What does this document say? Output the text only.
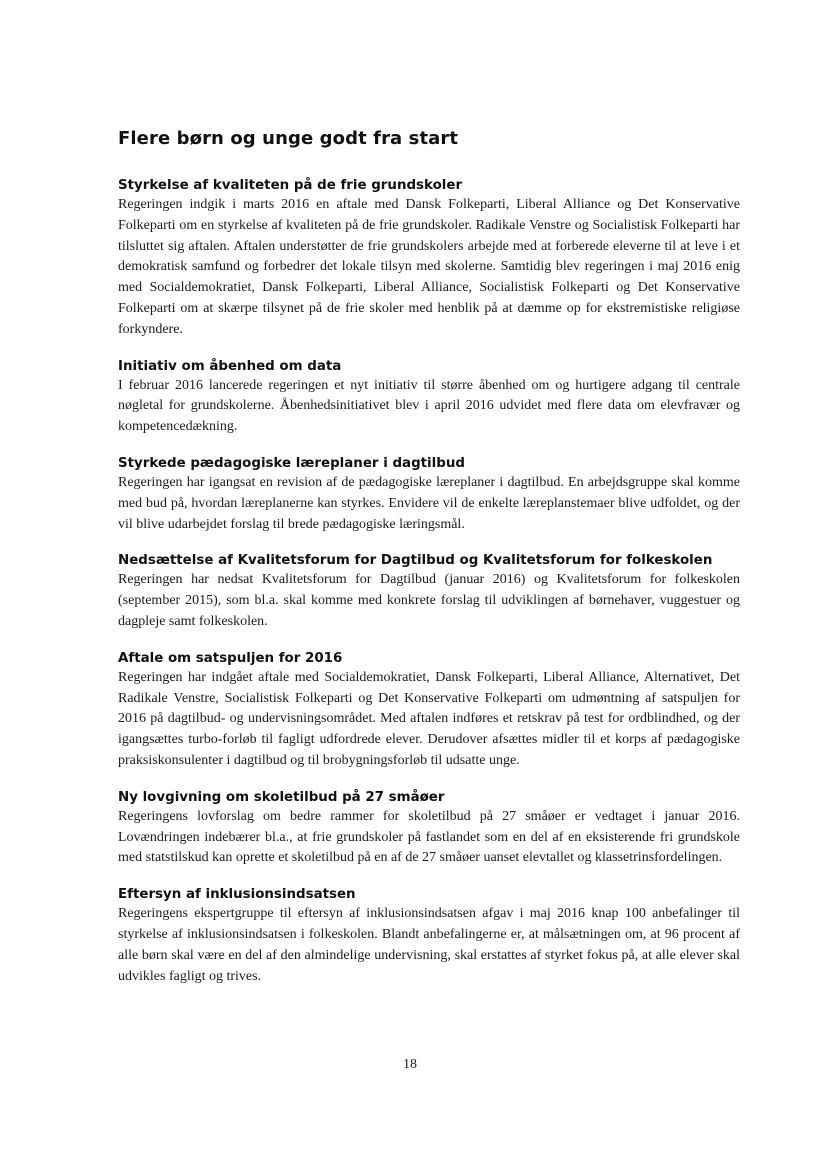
Flere børn og unge godt fra start
Styrkelse af kvaliteten på de frie grundskoler

Regeringen indgik i marts 2016 en aftale med Dansk Folkeparti, Liberal Alliance og Det Konservative Folkeparti om en styrkelse af kvaliteten på de frie grundskoler. Radikale Venstre og Socialistisk Folkeparti har tilsluttet sig aftalen. Aftalen understøtter de frie grundskolers arbejde med at forberede eleverne til at leve i et demokratisk samfund og forbedrer det lokale tilsyn med skolerne. Samtidig blev regeringen i maj 2016 enig med Socialdemokratiet, Dansk Folkeparti, Liberal Alliance, Socialistisk Folkeparti og Det Konservative Folkeparti om at skærpe tilsynet på de frie skoler med henblik på at dæmme op for ekstremistiske religiøse forkyndere.

Initiativ om åbenhed om data

I februar 2016 lancerede regeringen et nyt initiativ til større åbenhed om og hurtigere adgang til centrale nøgletal for grundskolerne. Åbenhedsinitiativet blev i april 2016 udvidet med flere data om elevfravær og kompetencedækning.

Styrkede pædagogiske læreplaner i dagtilbud

Regeringen har igangsat en revision af de pædagogiske læreplaner i dagtilbud. En arbejdsgruppe skal komme med bud på, hvordan læreplanerne kan styrkes. Envidere vil de enkelte læreplanstemaer blive udfoldet, og der vil blive udarbejdet forslag til brede pædagogiske læringsmål.

Nedsættelse af Kvalitetsforum for Dagtilbud og Kvalitetsforum for folkeskolen

Regeringen har nedsat Kvalitetsforum for Dagtilbud (januar 2016) og Kvalitetsforum for folkeskolen (september 2015), som bl.a. skal komme med konkrete forslag til udviklingen af børnehaver, vuggestuer og dagpleje samt folkeskolen.

Aftale om satspuljen for 2016

Regeringen har indgået aftale med Socialdemokratiet, Dansk Folkeparti, Liberal Alliance, Alternativet, Det Radikale Venstre, Socialistisk Folkeparti og Det Konservative Folkeparti om udmøntning af satspuljen for 2016 på dagtilbud- og undervisningsområdet. Med aftalen indføres et retskrav på test for ordblindhed, og der igangsættes turbo-forløb til fagligt udfordrede elever. Derudover afsættes midler til et korps af pædagogiske praksiskonsulenter i dagtilbud og til brobygningsforløb til udsatte unge.

Ny lovgivning om skoletilbud på 27 småøer

Regeringens lovforslag om bedre rammer for skoletilbud på 27 småøer er vedtaget i januar 2016. Lovændringen indebærer bl.a., at frie grundskoler på fastlandet som en del af en eksisterende fri grundskole med statstilskud kan oprette et skoletilbud på en af de 27 småøer uanset elevtallet og klassetrinsfordelingen.

Eftersyn af inklusionsindsatsen

Regeringens ekspertgruppe til eftersyn af inklusionsindsatsen afgav i maj 2016 knap 100 anbefalinger til styrkelse af inklusionsindsatsen i folkeskolen. Blandt anbefalingerne er, at målsætningen om, at 96 procent af alle børn skal være en del af den almindelige undervisning, skal erstattes af styrket fokus på, at alle elever skal udvikles fagligt og trives.

18
